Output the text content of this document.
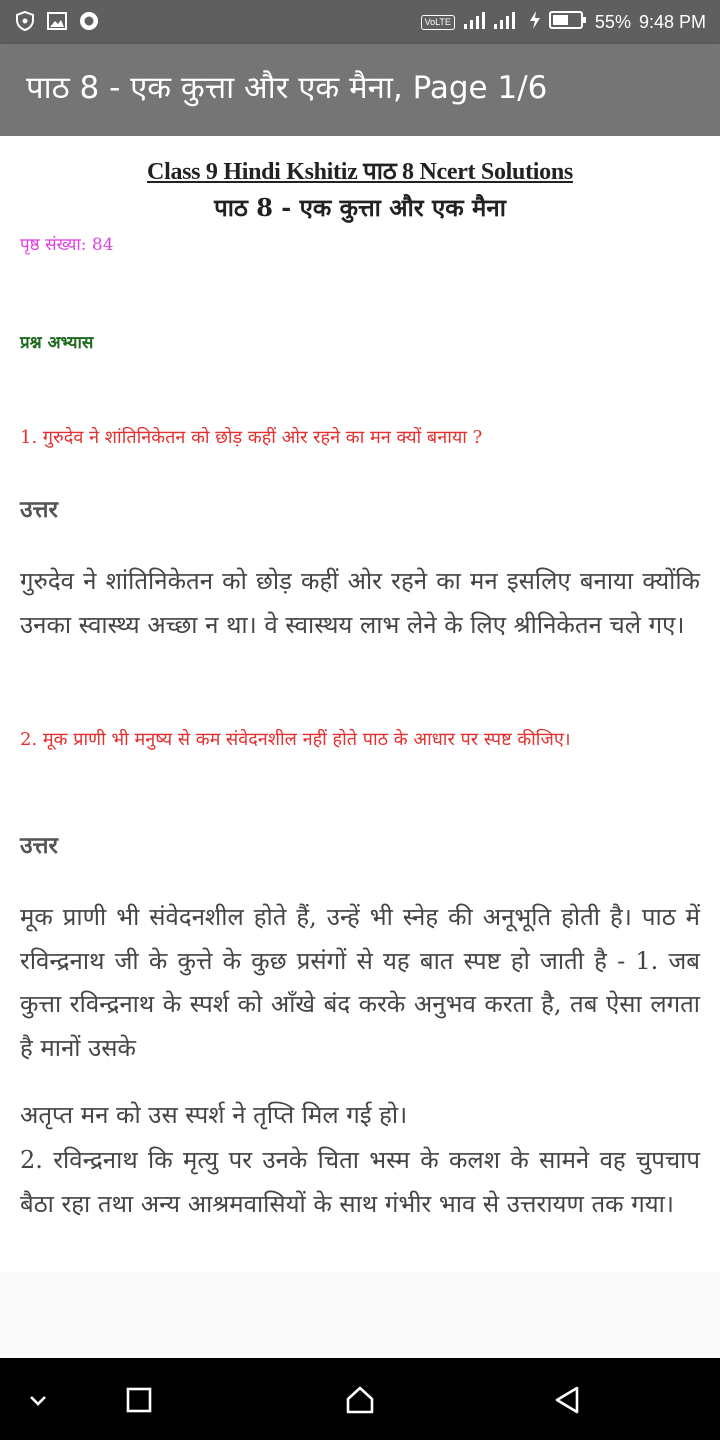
VoLTE	55% 9:48 PM
पाठ 8 - एक कुत्ता और एक मैना, Page 1/6
Class 9 Hindi Kshitiz पाठ 8 Ncert Solutions
पाठ 8 - एक कुत्ता और एक मैना
पृष्ठ संख्या: 84
प्रश्न अभ्यास
1. गुरुदेव ने शांतिनिकेतन को छोड़ कहीं ओर रहने का मन क्यों बनाया ?
उत्तर
गुरुदेव ने शांतिनिकेतन को छोड़ कहीं ओर रहने का मन इसलिए बनाया क्योंकि उनका स्वास्थ्य अच्छा न था। वे स्वास्थय लाभ लेने के लिए श्रीनिकेतन चले गए।
2. मूक प्राणी भी मनुष्य से कम संवेदनशील नहीं होते पाठ के आधार पर स्पष्ट कीजिए।
उत्तर
मूक प्राणी भी संवेदनशील होते हैं, उन्हें भी स्नेह की अनूभूति होती है। पाठ में रविन्द्रनाथ जी के कुत्ते के कुछ प्रसंगों से यह बात स्पष्ट हो जाती है - 1. जब कुत्ता रविन्द्रनाथ के स्पर्श को आँखे बंद करके अनुभव करता है, तब ऐसा लगता है मानों उसके
अतृप्त मन को उस स्पर्श ने तृप्ति मिल गई हो।
2. रविन्द्रनाथ कि मृत्यु पर उनके चिता भस्म के कलश के सामने वह चुपचाप बैठा रहा तथा अन्य आश्रमवासियों के साथ गंभीर भाव से उत्तरायण तक गया।
